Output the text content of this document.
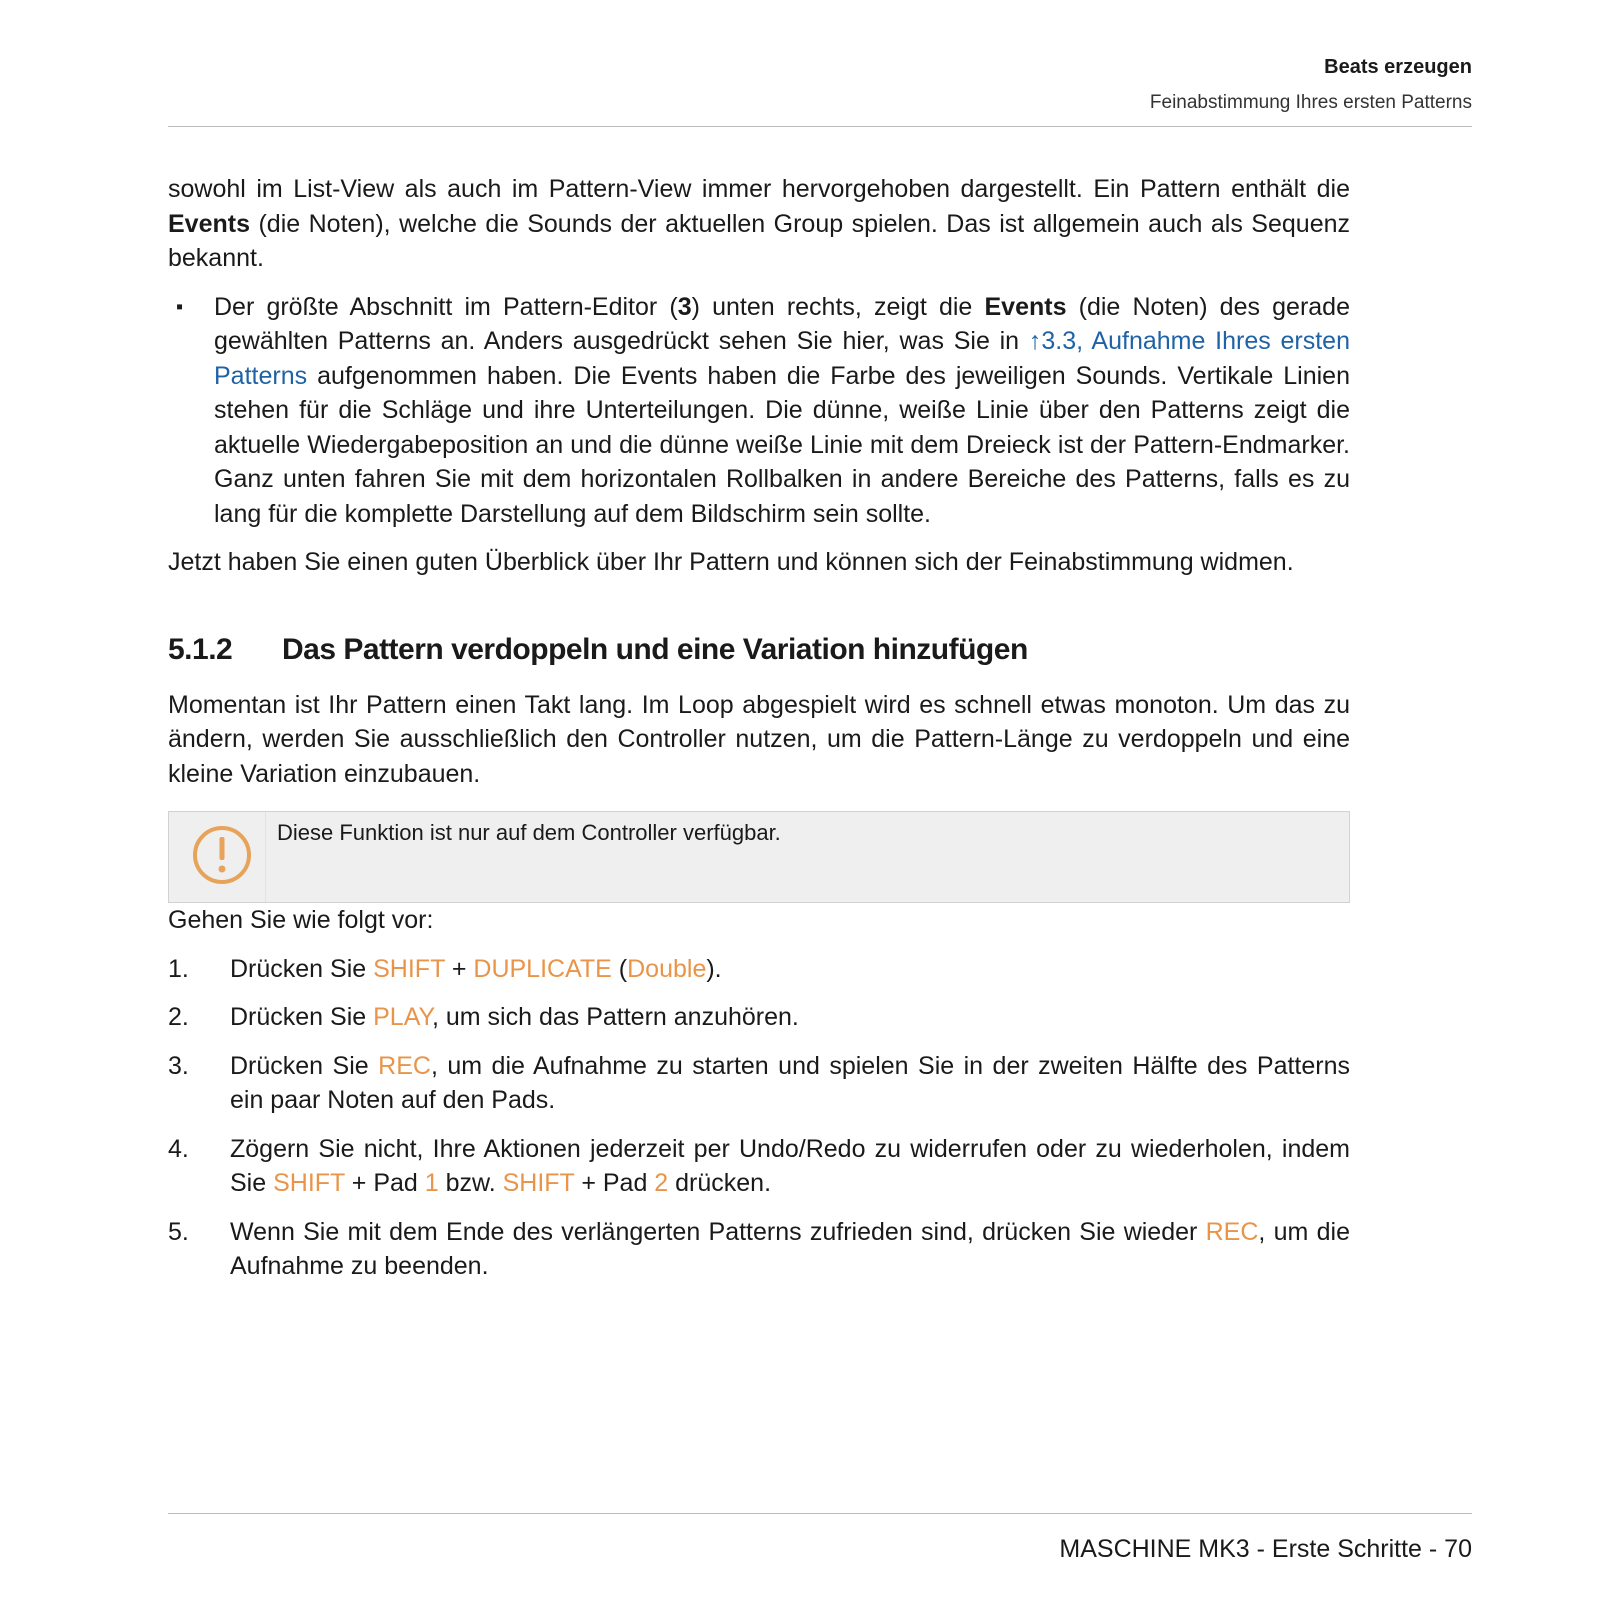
Beats erzeugen
Feinabstimmung Ihres ersten Patterns

sowohl im List-View als auch im Pattern-View immer hervorgehoben dargestellt. Ein Pattern enthält die Events (die Noten), welche die Sounds der aktuellen Group spielen. Das ist allgemein auch als Sequenz bekannt.

▪ Der größte Abschnitt im Pattern-Editor (3) unten rechts, zeigt die Events (die Noten) des gerade gewählten Patterns an. Anders ausgedrückt sehen Sie hier, was Sie in ↑3.3, Aufnahme Ihres ersten Patterns aufgenommen haben. Die Events haben die Farbe des jeweiligen Sounds. Vertikale Linien stehen für die Schläge und ihre Unterteilungen. Die dünne, weiße Linie über den Patterns zeigt die aktuelle Wiedergabeposition an und die dünne weiße Linie mit dem Dreieck ist der Pattern-Endmarker. Ganz unten fahren Sie mit dem horizontalen Rollbalken in andere Bereiche des Patterns, falls es zu lang für die komplette Darstellung auf dem Bildschirm sein sollte.

Jetzt haben Sie einen guten Überblick über Ihr Pattern und können sich der Feinabstimmung widmen.

5.1.2 Das Pattern verdoppeln und eine Variation hinzufügen

Momentan ist Ihr Pattern einen Takt lang. Im Loop abgespielt wird es schnell etwas monoton. Um das zu ändern, werden Sie ausschließlich den Controller nutzen, um die Pattern-Länge zu verdoppeln und eine kleine Variation einzubauen.

Diese Funktion ist nur auf dem Controller verfügbar.

Gehen Sie wie folgt vor:

1. Drücken Sie SHIFT + DUPLICATE (Double).
2. Drücken Sie PLAY, um sich das Pattern anzuhören.
3. Drücken Sie REC, um die Aufnahme zu starten und spielen Sie in der zweiten Hälfte des Patterns ein paar Noten auf den Pads.
4. Zögern Sie nicht, Ihre Aktionen jederzeit per Undo/Redo zu widerrufen oder zu wiederholen, indem Sie SHIFT + Pad 1 bzw. SHIFT + Pad 2 drücken.
5. Wenn Sie mit dem Ende des verlängerten Patterns zufrieden sind, drücken Sie wieder REC, um die Aufnahme zu beenden.
MASCHINE MK3 - Erste Schritte - 70
